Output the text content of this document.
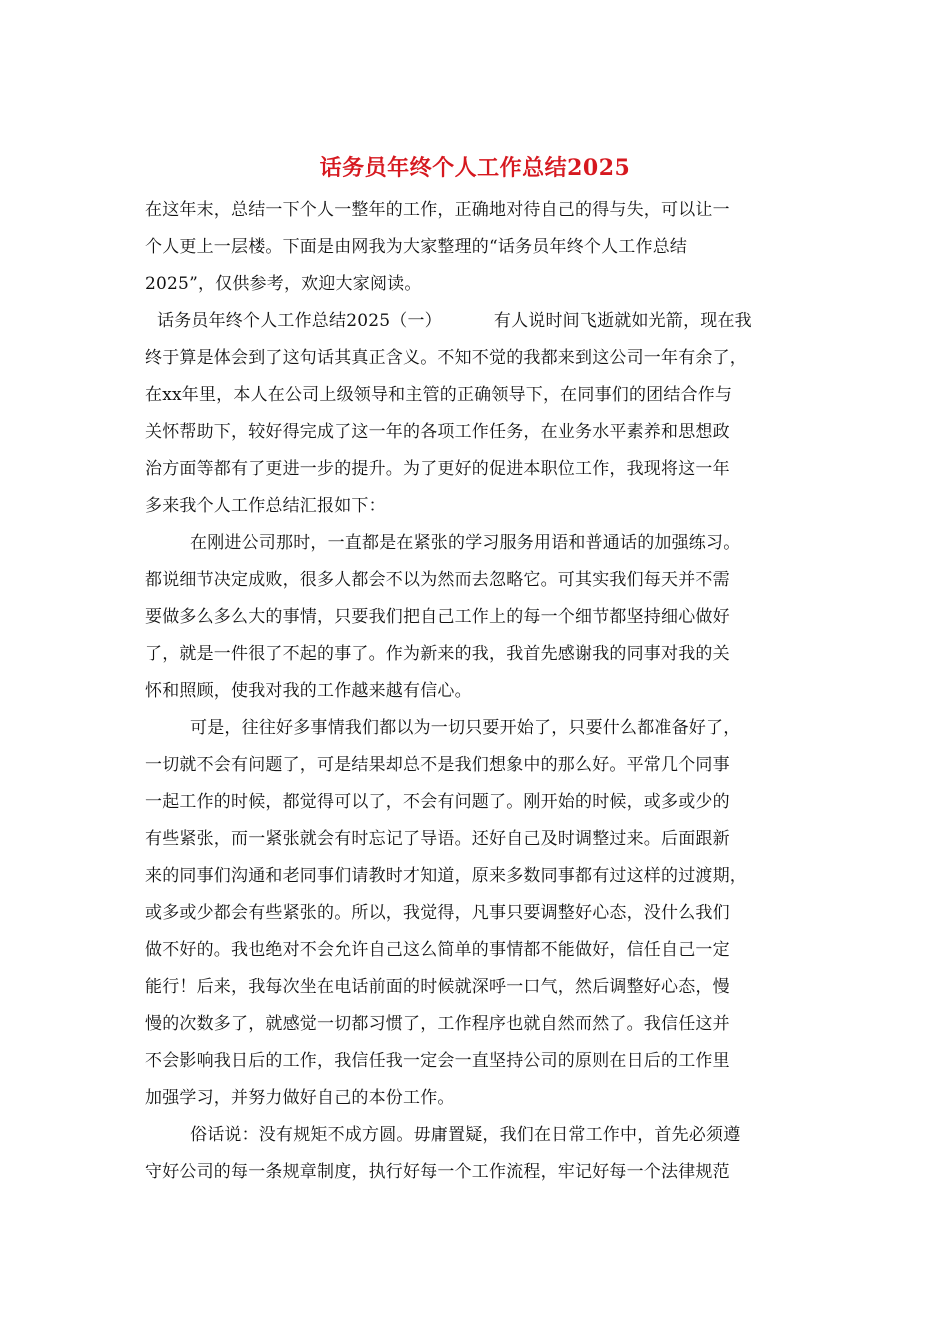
话务员年终个人工作总结2025
在这年末，总结一下个人一整年的工作，正确地对待自己的得与失，可以让一
个人更上一层楼。下面是由网我为大家整理的“话务员年终个人工作总结
2025”，仅供参考，欢迎大家阅读。
话务员年终个人工作总结2025（一）	有人说时间飞逝就如光箭，现在我
终于算是体会到了这句话其真正含义。不知不觉的我都来到这公司一年有余了，
在xx年里，本人在公司上级领导和主管的正确领导下，在同事们的团结合作与
关怀帮助下，较好得完成了这一年的各项工作任务，在业务水平素养和思想政
治方面等都有了更进一步的提升。为了更好的促进本职位工作，我现将这一年
多来我个人工作总结汇报如下：
在刚进公司那时，一直都是在紧张的学习服务用语和普通话的加强练习。
都说细节决定成败，很多人都会不以为然而去忽略它。可其实我们每天并不需
要做多么多么大的事情，只要我们把自己工作上的每一个细节都坚持细心做好
了，就是一件很了不起的事了。作为新来的我，我首先感谢我的同事对我的关
怀和照顾，使我对我的工作越来越有信心。
可是，往往好多事情我们都以为一切只要开始了，只要什么都准备好了，
一切就不会有问题了，可是结果却总不是我们想象中的那么好。平常几个同事
一起工作的时候，都觉得可以了，不会有问题了。刚开始的时候，或多或少的
有些紧张，而一紧张就会有时忘记了导语。还好自己及时调整过来。后面跟新
来的同事们沟通和老同事们请教时才知道，原来多数同事都有过这样的过渡期，
或多或少都会有些紧张的。所以，我觉得，凡事只要调整好心态，没什么我们
做不好的。我也绝对不会允许自己这么简单的事情都不能做好，信任自己一定
能行！后来，我每次坐在电话前面的时候就深呼一口气，然后调整好心态，慢
慢的次数多了，就感觉一切都习惯了，工作程序也就自然而然了。我信任这并
不会影响我日后的工作，我信任我一定会一直坚持公司的原则在日后的工作里
加强学习，并努力做好自己的本份工作。
俗话说：没有规矩不成方圆。毋庸置疑，我们在日常工作中，首先必须遵
守好公司的每一条规章制度，执行好每一个工作流程，牢记好每一个法律规范
